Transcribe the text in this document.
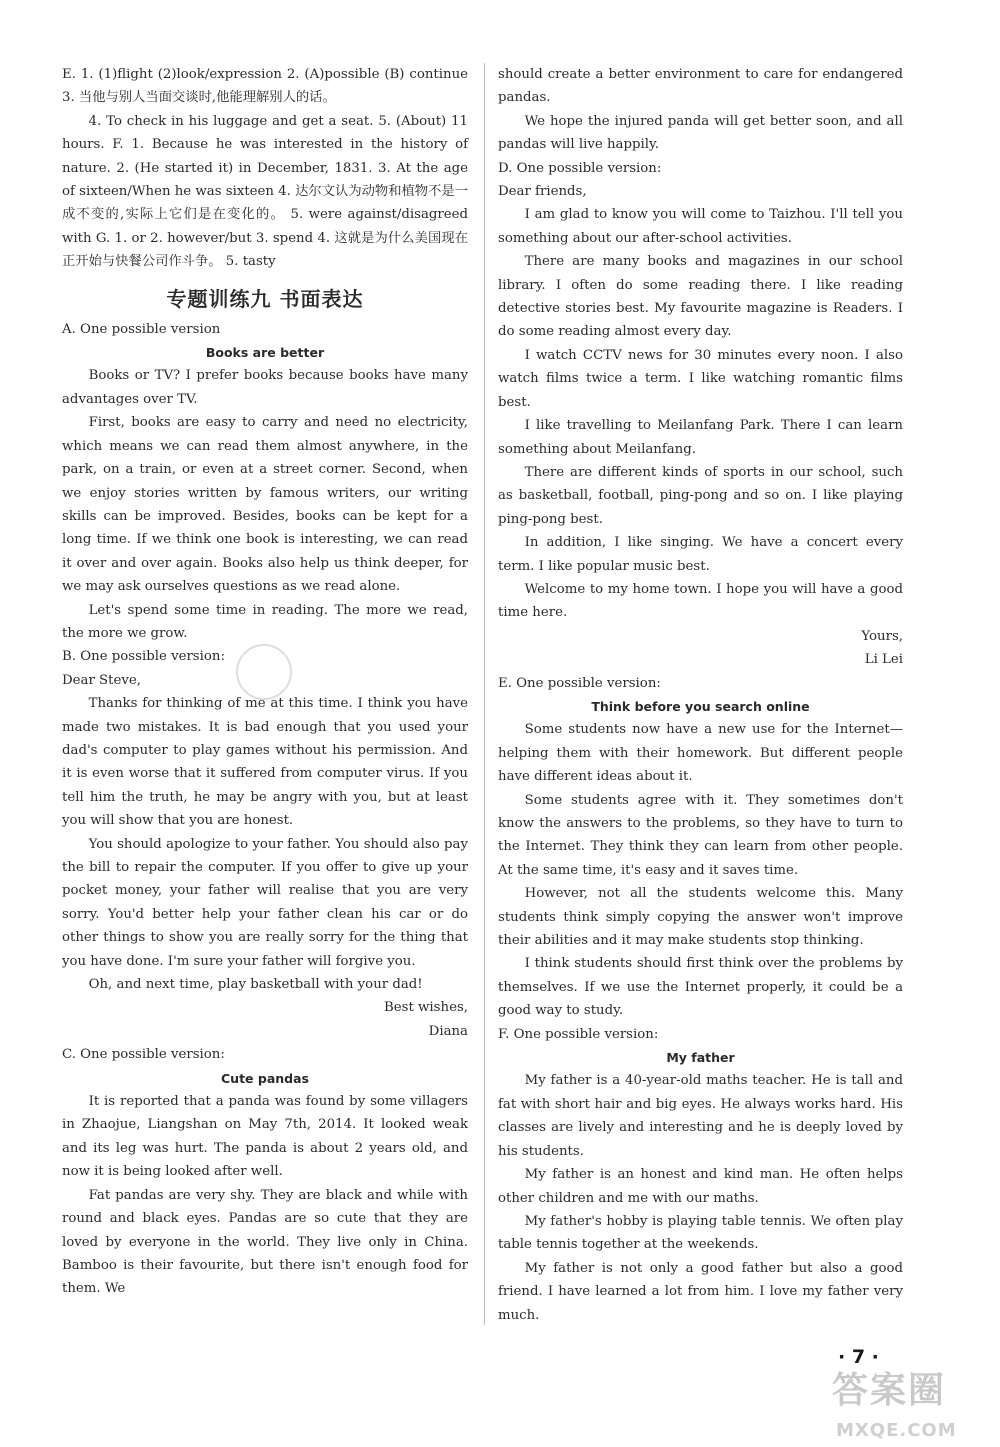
E. 1. (1)flight (2)look/expression 2. (A)possible (B) continue 3. 当他与别人当面交谈时,他能理解别人的话。

4. To check in his luggage and get a seat. 5. (About) 11 hours. F. 1. Because he was interested in the history of nature. 2. (He started it) in December, 1831. 3. At the age of sixteen/When he was sixteen 4. 达尔文认为动物和植物不是一成不变的,实际上它们是在变化的。 5. were against/disagreed with G. 1. or 2. however/but 3. spend 4. 这就是为什么美国现在正开始与快餐公司作斗争。 5. tasty

专题训练九 书面表达

A. One possible version

Books are better

Books or TV? I prefer books because books have many advantages over TV.

First, books are easy to carry and need no electricity, which means we can read them almost anywhere, in the park, on a train, or even at a street corner. Second, when we enjoy stories written by famous writers, our writing skills can be improved. Besides, books can be kept for a long time. If we think one book is interesting, we can read it over and over again. Books also help us think deeper, for we may ask ourselves questions as we read alone.

Let's spend some time in reading. The more we read, the more we grow.

B. One possible version:

Dear Steve,

Thanks for thinking of me at this time. I think you have made two mistakes. It is bad enough that you used your dad's computer to play games without his permission. And it is even worse that it suffered from computer virus. If you tell him the truth, he may be angry with you, but at least you will show that you are honest.

You should apologize to your father. You should also pay the bill to repair the computer. If you offer to give up your pocket money, your father will realise that you are very sorry. You'd better help your father clean his car or do other things to show you are really sorry for the thing that you have done. I'm sure your father will forgive you.

Oh, and next time, play basketball with your dad!

Best wishes,

Diana

C. One possible version:

Cute pandas

It is reported that a panda was found by some villagers in Zhaojue, Liangshan on May 7th, 2014. It looked weak and its leg was hurt. The panda is about 2 years old, and now it is being looked after well.

Fat pandas are very shy. They are black and while with round and black eyes. Pandas are so cute that they are loved by everyone in the world. They live only in China. Bamboo is their favourite, but there isn't enough food for them. We

should create a better environment to care for endangered pandas.

We hope the injured panda will get better soon, and all pandas will live happily.

D. One possible version:

Dear friends,

I am glad to know you will come to Taizhou. I'll tell you something about our after-school activities.

There are many books and magazines in our school library. I often do some reading there. I like reading detective stories best. My favourite magazine is Readers. I do some reading almost every day.

I watch CCTV news for 30 minutes every noon. I also watch films twice a term. I like watching romantic films best.

I like travelling to Meilanfang Park. There I can learn something about Meilanfang.

There are different kinds of sports in our school, such as basketball, football, ping-pong and so on. I like playing ping-pong best.

In addition, I like singing. We have a concert every term. I like popular music best.

Welcome to my home town. I hope you will have a good time here.

Yours,

Li Lei

E. One possible version:

Think before you search online

Some students now have a new use for the Internet—helping them with their homework. But different people have different ideas about it.

Some students agree with it. They sometimes don't know the answers to the problems, so they have to turn to the Internet. They think they can learn from other people. At the same time, it's easy and it saves time.

However, not all the students welcome this. Many students think simply copying the answer won't improve their abilities and it may make students stop thinking.

I think students should first think over the problems by themselves. If we use the Internet properly, it could be a good way to study.

F. One possible version:

My father

My father is a 40-year-old maths teacher. He is tall and fat with short hair and big eyes. He always works hard. His classes are lively and interesting and he is deeply loved by his students.

My father is an honest and kind man. He often helps other children and me with our maths.

My father's hobby is playing table tennis. We often play table tennis together at the weekends.

My father is not only a good father but also a good friend. I have learned a lot from him. I love my father very much.

· 7 ·
答案圈
MXQE.COM
